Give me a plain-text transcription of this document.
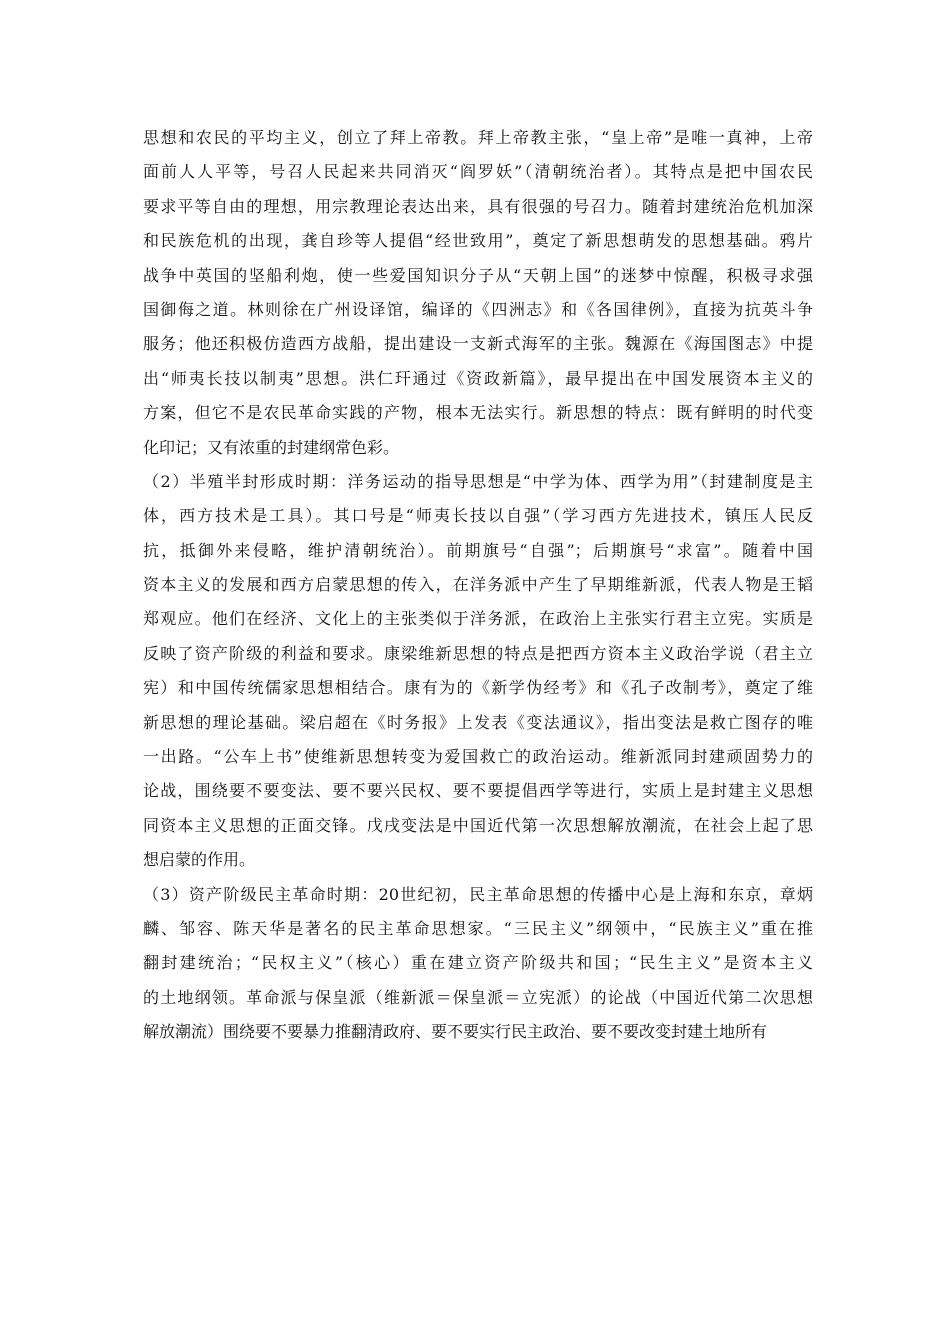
思想和农民的平均主义，创立了拜上帝教。拜上帝教主张，“皇上帝”是唯一真神，上帝
面前人人平等，号召人民起来共同消灭“阎罗妖”（清朝统治者）。其特点是把中国农民
要求平等自由的理想，用宗教理论表达出来，具有很强的号召力。随着封建统治危机加深
和民族危机的出现，龚自珍等人提倡“经世致用”，奠定了新思想萌发的思想基础。鸦片
战争中英国的坚船利炮，使一些爱国知识分子从“天朝上国”的迷梦中惊醒，积极寻求强
国御侮之道。林则徐在广州设译馆，编译的《四洲志》和《各国律例》，直接为抗英斗争
服务；他还积极仿造西方战船，提出建设一支新式海军的主张。魏源在《海国图志》中提
出“师夷长技以制夷”思想。洪仁玕通过《资政新篇》，最早提出在中国发展资本主义的
方案，但它不是农民革命实践的产物，根本无法实行。新思想的特点：既有鲜明的时代变
化印记；又有浓重的封建纲常色彩。
（2）半殖半封形成时期：洋务运动的指导思想是“中学为体、西学为用”（封建制度是主
体，西方技术是工具）。其口号是“师夷长技以自强”（学习西方先进技术，镇压人民反
抗，抵御外来侵略，维护清朝统治）。前期旗号“自强”；后期旗号“求富”。随着中国
资本主义的发展和西方启蒙思想的传入，在洋务派中产生了早期维新派，代表人物是王韬
郑观应。他们在经济、文化上的主张类似于洋务派，在政治上主张实行君主立宪。实质是
反映了资产阶级的利益和要求。康梁维新思想的特点是把西方资本主义政治学说（君主立
宪）和中国传统儒家思想相结合。康有为的《新学伪经考》和《孔子改制考》，奠定了维
新思想的理论基础。梁启超在《时务报》上发表《变法通议》，指出变法是救亡图存的唯
一出路。“公车上书”使维新思想转变为爱国救亡的政治运动。维新派同封建顽固势力的
论战，围绕要不要变法、要不要兴民权、要不要提倡西学等进行，实质上是封建主义思想
同资本主义思想的正面交锋。戊戌变法是中国近代第一次思想解放潮流，在社会上起了思
想启蒙的作用。
（3）资产阶级民主革命时期：20世纪初，民主革命思想的传播中心是上海和东京，章炳
麟、邹容、陈天华是著名的民主革命思想家。“三民主义”纲领中，“民族主义”重在推
翻封建统治；“民权主义”（核心）重在建立资产阶级共和国；“民生主义”是资本主义
的土地纲领。革命派与保皇派（维新派＝保皇派＝立宪派）的论战（中国近代第二次思想
解放潮流）围绕要不要暴力推翻清政府、要不要实行民主政治、要不要改变封建土地所有
